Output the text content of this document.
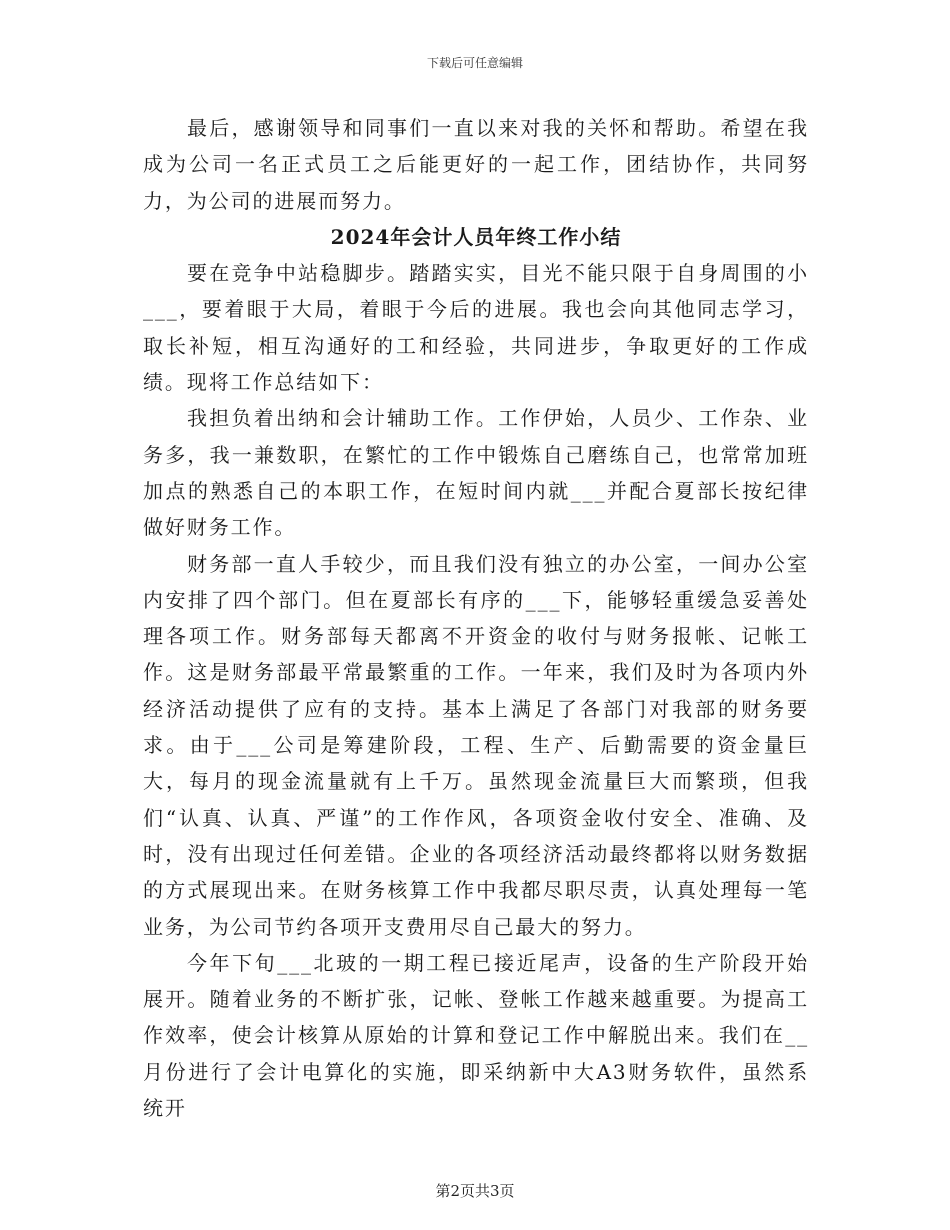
下载后可任意编辑

最后，感谢领导和同事们一直以来对我的关怀和帮助。希望在我成为公司一名正式员工之后能更好的一起工作，团结协作，共同努力，为公司的进展而努力。

2024年会计人员年终工作小结

要在竞争中站稳脚步。踏踏实实，目光不能只限于自身周围的小___，要着眼于大局，着眼于今后的进展。我也会向其他同志学习，取长补短，相互沟通好的工和经验，共同进步，争取更好的工作成绩。现将工作总结如下：

我担负着出纳和会计辅助工作。工作伊始，人员少、工作杂、业务多，我一兼数职，在繁忙的工作中锻炼自己磨练自己，也常常加班加点的熟悉自己的本职工作，在短时间内就___并配合夏部长按纪律做好财务工作。

财务部一直人手较少，而且我们没有独立的办公室，一间办公室内安排了四个部门。但在夏部长有序的___下，能够轻重缓急妥善处理各项工作。财务部每天都离不开资金的收付与财务报帐、记帐工作。这是财务部最平常最繁重的工作。一年来，我们及时为各项内外经济活动提供了应有的支持。基本上满足了各部门对我部的财务要求。由于___公司是筹建阶段，工程、生产、后勤需要的资金量巨大，每月的现金流量就有上千万。虽然现金流量巨大而繁琐，但我们“认真、认真、严谨”的工作作风，各项资金收付安全、准确、及时，没有出现过任何差错。企业的各项经济活动最终都将以财务数据的方式展现出来。在财务核算工作中我都尽职尽责，认真处理每一笔业务，为公司节约各项开支费用尽自己最大的努力。

今年下旬___北玻的一期工程已接近尾声，设备的生产阶段开始展开。随着业务的不断扩张，记帐、登帐工作越来越重要。为提高工作效率，使会计核算从原始的计算和登记工作中解脱出来。我们在__月份进行了会计电算化的实施，即采纳新中大A3财务软件，虽然系统开

第2页共3页
